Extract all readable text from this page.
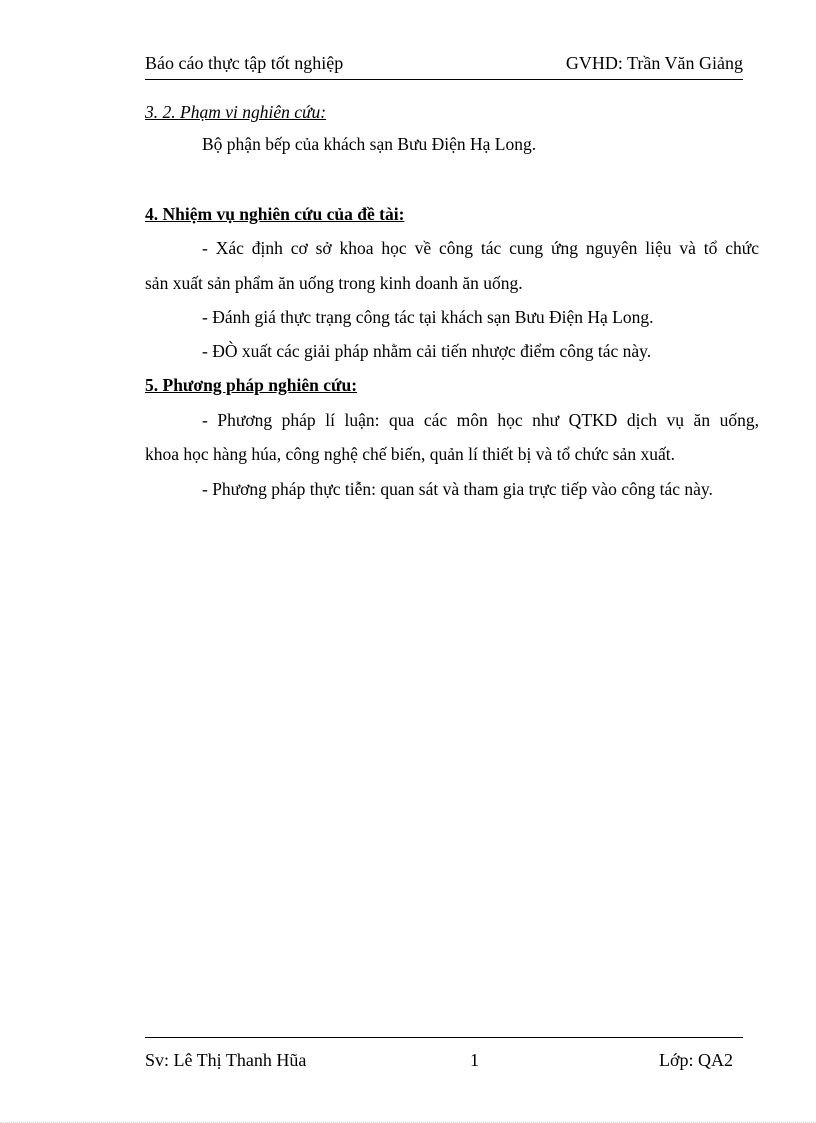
Báo cáo thực tập tốt nghiệp	GVHD: Trần Văn Giảng
3. 2. Phạm vi nghiên cứu:
Bộ phận bếp của khách sạn Bưu Điện Hạ Long.
4. Nhiệm vụ nghiên cứu của đề tài:
- Xác định cơ sở khoa học về công tác cung ứng nguyên liệu và tổ chức
sản xuất sản phẩm ăn uống trong kinh doanh ăn uống.
- Đánh giá thực trạng công tác tại khách sạn Bưu Điện Hạ Long.
- ĐÒ xuất các giải pháp nhằm cải tiến nhược điểm công tác này.
5. Phương pháp nghiên cứu:
- Phương pháp lí luận: qua các môn học như QTKD dịch vụ ăn uống,
khoa học hàng húa, công nghệ chế biến, quản lí thiết bị và tổ chức sản xuất.
- Phương pháp thực tiễn: quan sát và tham gia trực tiếp vào công tác này.
Sv: Lê Thị Thanh Hũa	1	Lớp: QA2
